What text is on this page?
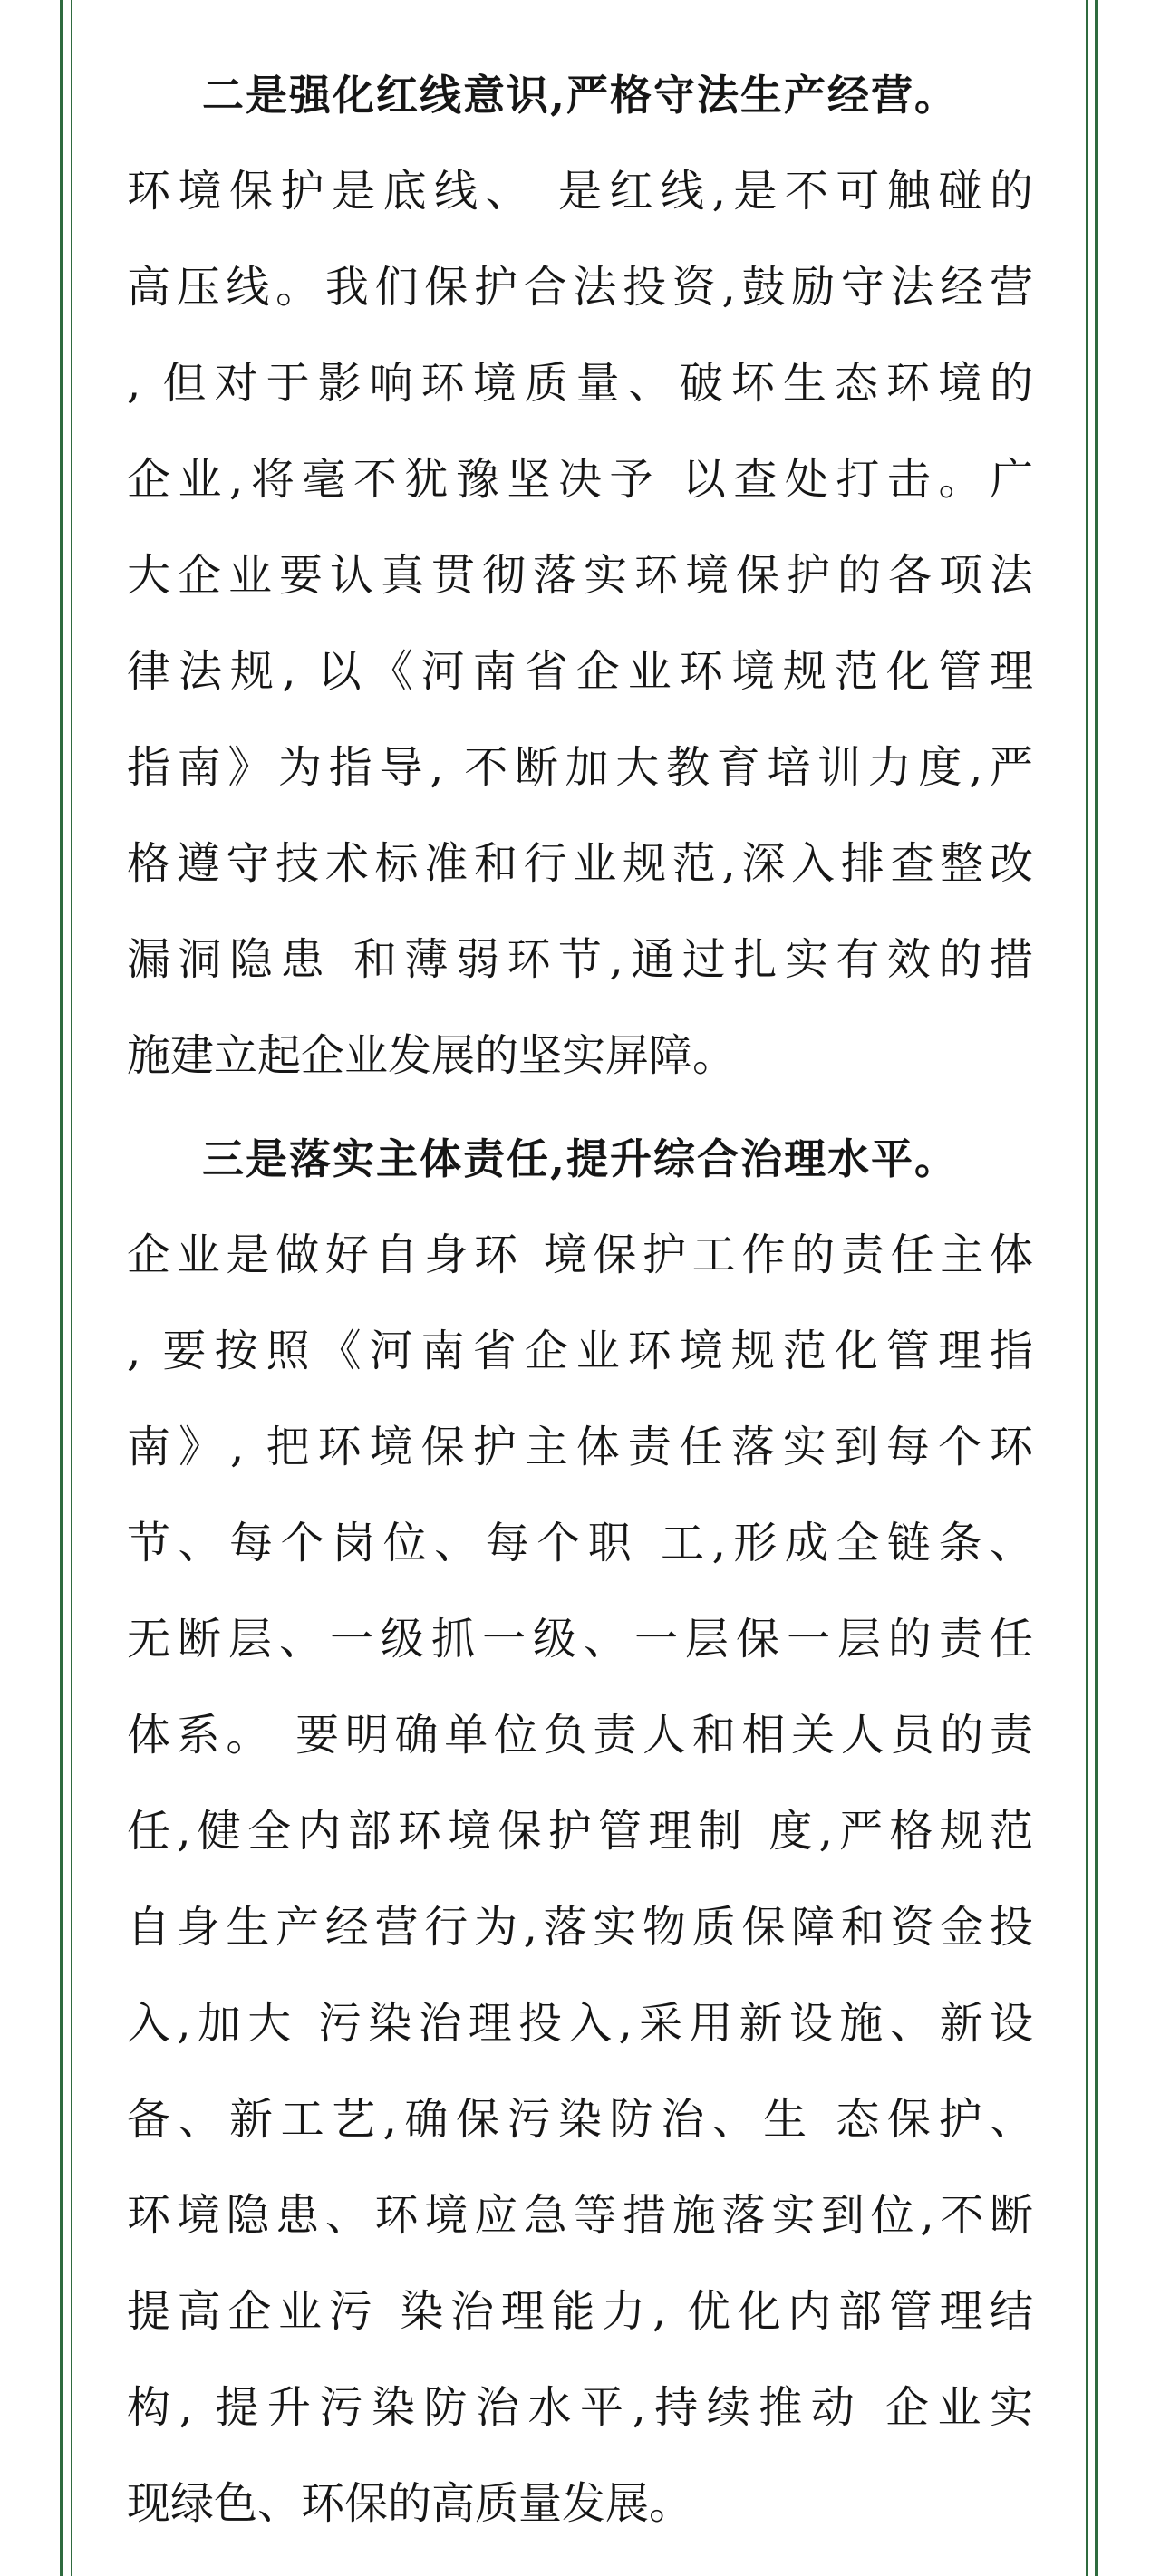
二是强化红线意识,严格守法生产经营。
环境保护是底线、 是红线,是不可触碰的
高压线。我们保护合法投资,鼓励守法经营
, 但对于影响环境质量、破坏生态环境的
企业,将毫不犹豫坚决予 以查处打击。广
大企业要认真贯彻落实环境保护的各项法
律法规, 以《河南省企业环境规范化管理
指南》为指导, 不断加大教育培训力度,严
格遵守技术标准和行业规范,深入排查整改
漏洞隐患 和薄弱环节,通过扎实有效的措
施建立起企业发展的坚实屏障。
三是落实主体责任,提升综合治理水平。
企业是做好自身环 境保护工作的责任主体
, 要按照《河南省企业环境规范化管理指
南》, 把环境保护主体责任落实到每个环
节、每个岗位、每个职 工,形成全链条、
无断层、一级抓一级、一层保一层的责任
体系。 要明确单位负责人和相关人员的责
任,健全内部环境保护管理制 度,严格规范
自身生产经营行为,落实物质保障和资金投
入,加大 污染治理投入,采用新设施、新设
备、新工艺,确保污染防治、生 态保护、
环境隐患、环境应急等措施落实到位,不断
提高企业污 染治理能力, 优化内部管理结
构, 提升污染防治水平,持续推动 企业实
现绿色、环保的高质量发展。
